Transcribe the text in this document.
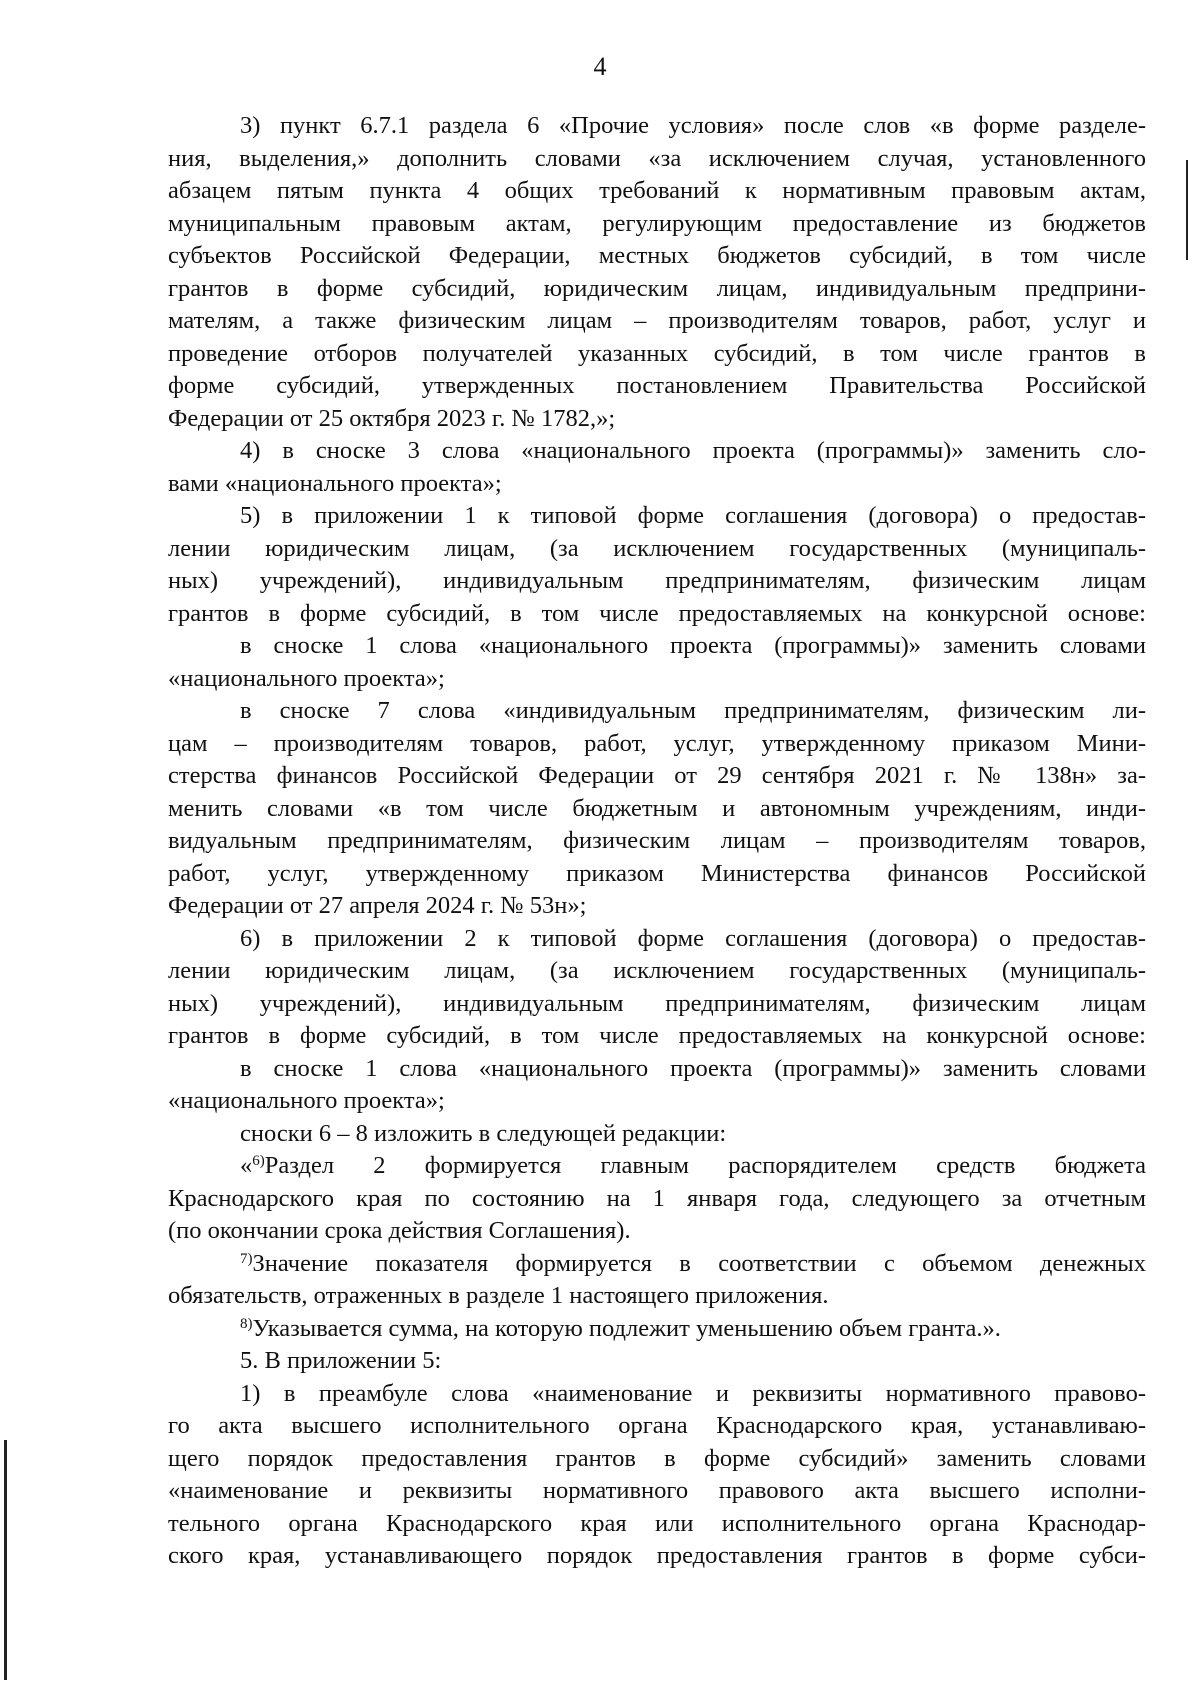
4
3) пункт 6.7.1 раздела 6 «Прочие условия» после слов «в форме разделе-
ния, выделения,» дополнить словами «за исключением случая, установленного
абзацем пятым пункта 4 общих требований к нормативным правовым актам,
муниципальным правовым актам, регулирующим предоставление из бюджетов
субъектов Российской Федерации, местных бюджетов субсидий, в том числе
грантов в форме субсидий, юридическим лицам, индивидуальным предприни-
мателям, а также физическим лицам – производителям товаров, работ, услуг и
проведение отборов получателей указанных субсидий, в том числе грантов в
форме субсидий, утвержденных постановлением Правительства Российской
Федерации от 25 октября 2023 г. № 1782,»;
4) в сноске 3 слова «национального проекта (программы)» заменить сло-
вами «национального проекта»;
5) в приложении 1 к типовой форме соглашения (договора) о предостав-
лении юридическим лицам, (за исключением государственных (муниципаль-
ных) учреждений), индивидуальным предпринимателям, физическим лицам
грантов в форме субсидий, в том числе предоставляемых на конкурсной основе:
в сноске 1 слова «национального проекта (программы)» заменить словами
«национального проекта»;
в сноске 7 слова «индивидуальным предпринимателям, физическим ли-
цам – производителям товаров, работ, услуг, утвержденному приказом Мини-
стерства финансов Российской Федерации от 29 сентября 2021 г. № 138н» за-
менить словами «в том числе бюджетным и автономным учреждениям, инди-
видуальным предпринимателям, физическим лицам – производителям товаров,
работ, услуг, утвержденному приказом Министерства финансов Российской
Федерации от 27 апреля 2024 г. № 53н»;
6) в приложении 2 к типовой форме соглашения (договора) о предостав-
лении юридическим лицам, (за исключением государственных (муниципаль-
ных) учреждений), индивидуальным предпринимателям, физическим лицам
грантов в форме субсидий, в том числе предоставляемых на конкурсной основе:
в сноске 1 слова «национального проекта (программы)» заменить словами
«национального проекта»;
сноски 6 – 8 изложить в следующей редакции:
«$^{6)}$Раздел 2 формируется главным распорядителем средств бюджета
Краснодарского края по состоянию на 1 января года, следующего за отчетным
(по окончании срока действия Соглашения).
$^{7)}$Значение показателя формируется в соответствии с объемом денежных
обязательств, отраженных в разделе 1 настоящего приложения.
$^{8)}$Указывается сумма, на которую подлежит уменьшению объем гранта.».
5. В приложении 5:
1) в преамбуле слова «наименование и реквизиты нормативного правово-
го акта высшего исполнительного органа Краснодарского края, устанавливаю-
щего порядок предоставления грантов в форме субсидий» заменить словами
«наименование и реквизиты нормативного правового акта высшего исполни-
тельного органа Краснодарского края или исполнительного органа Краснодар-
ского края, устанавливающего порядок предоставления грантов в форме субси-
